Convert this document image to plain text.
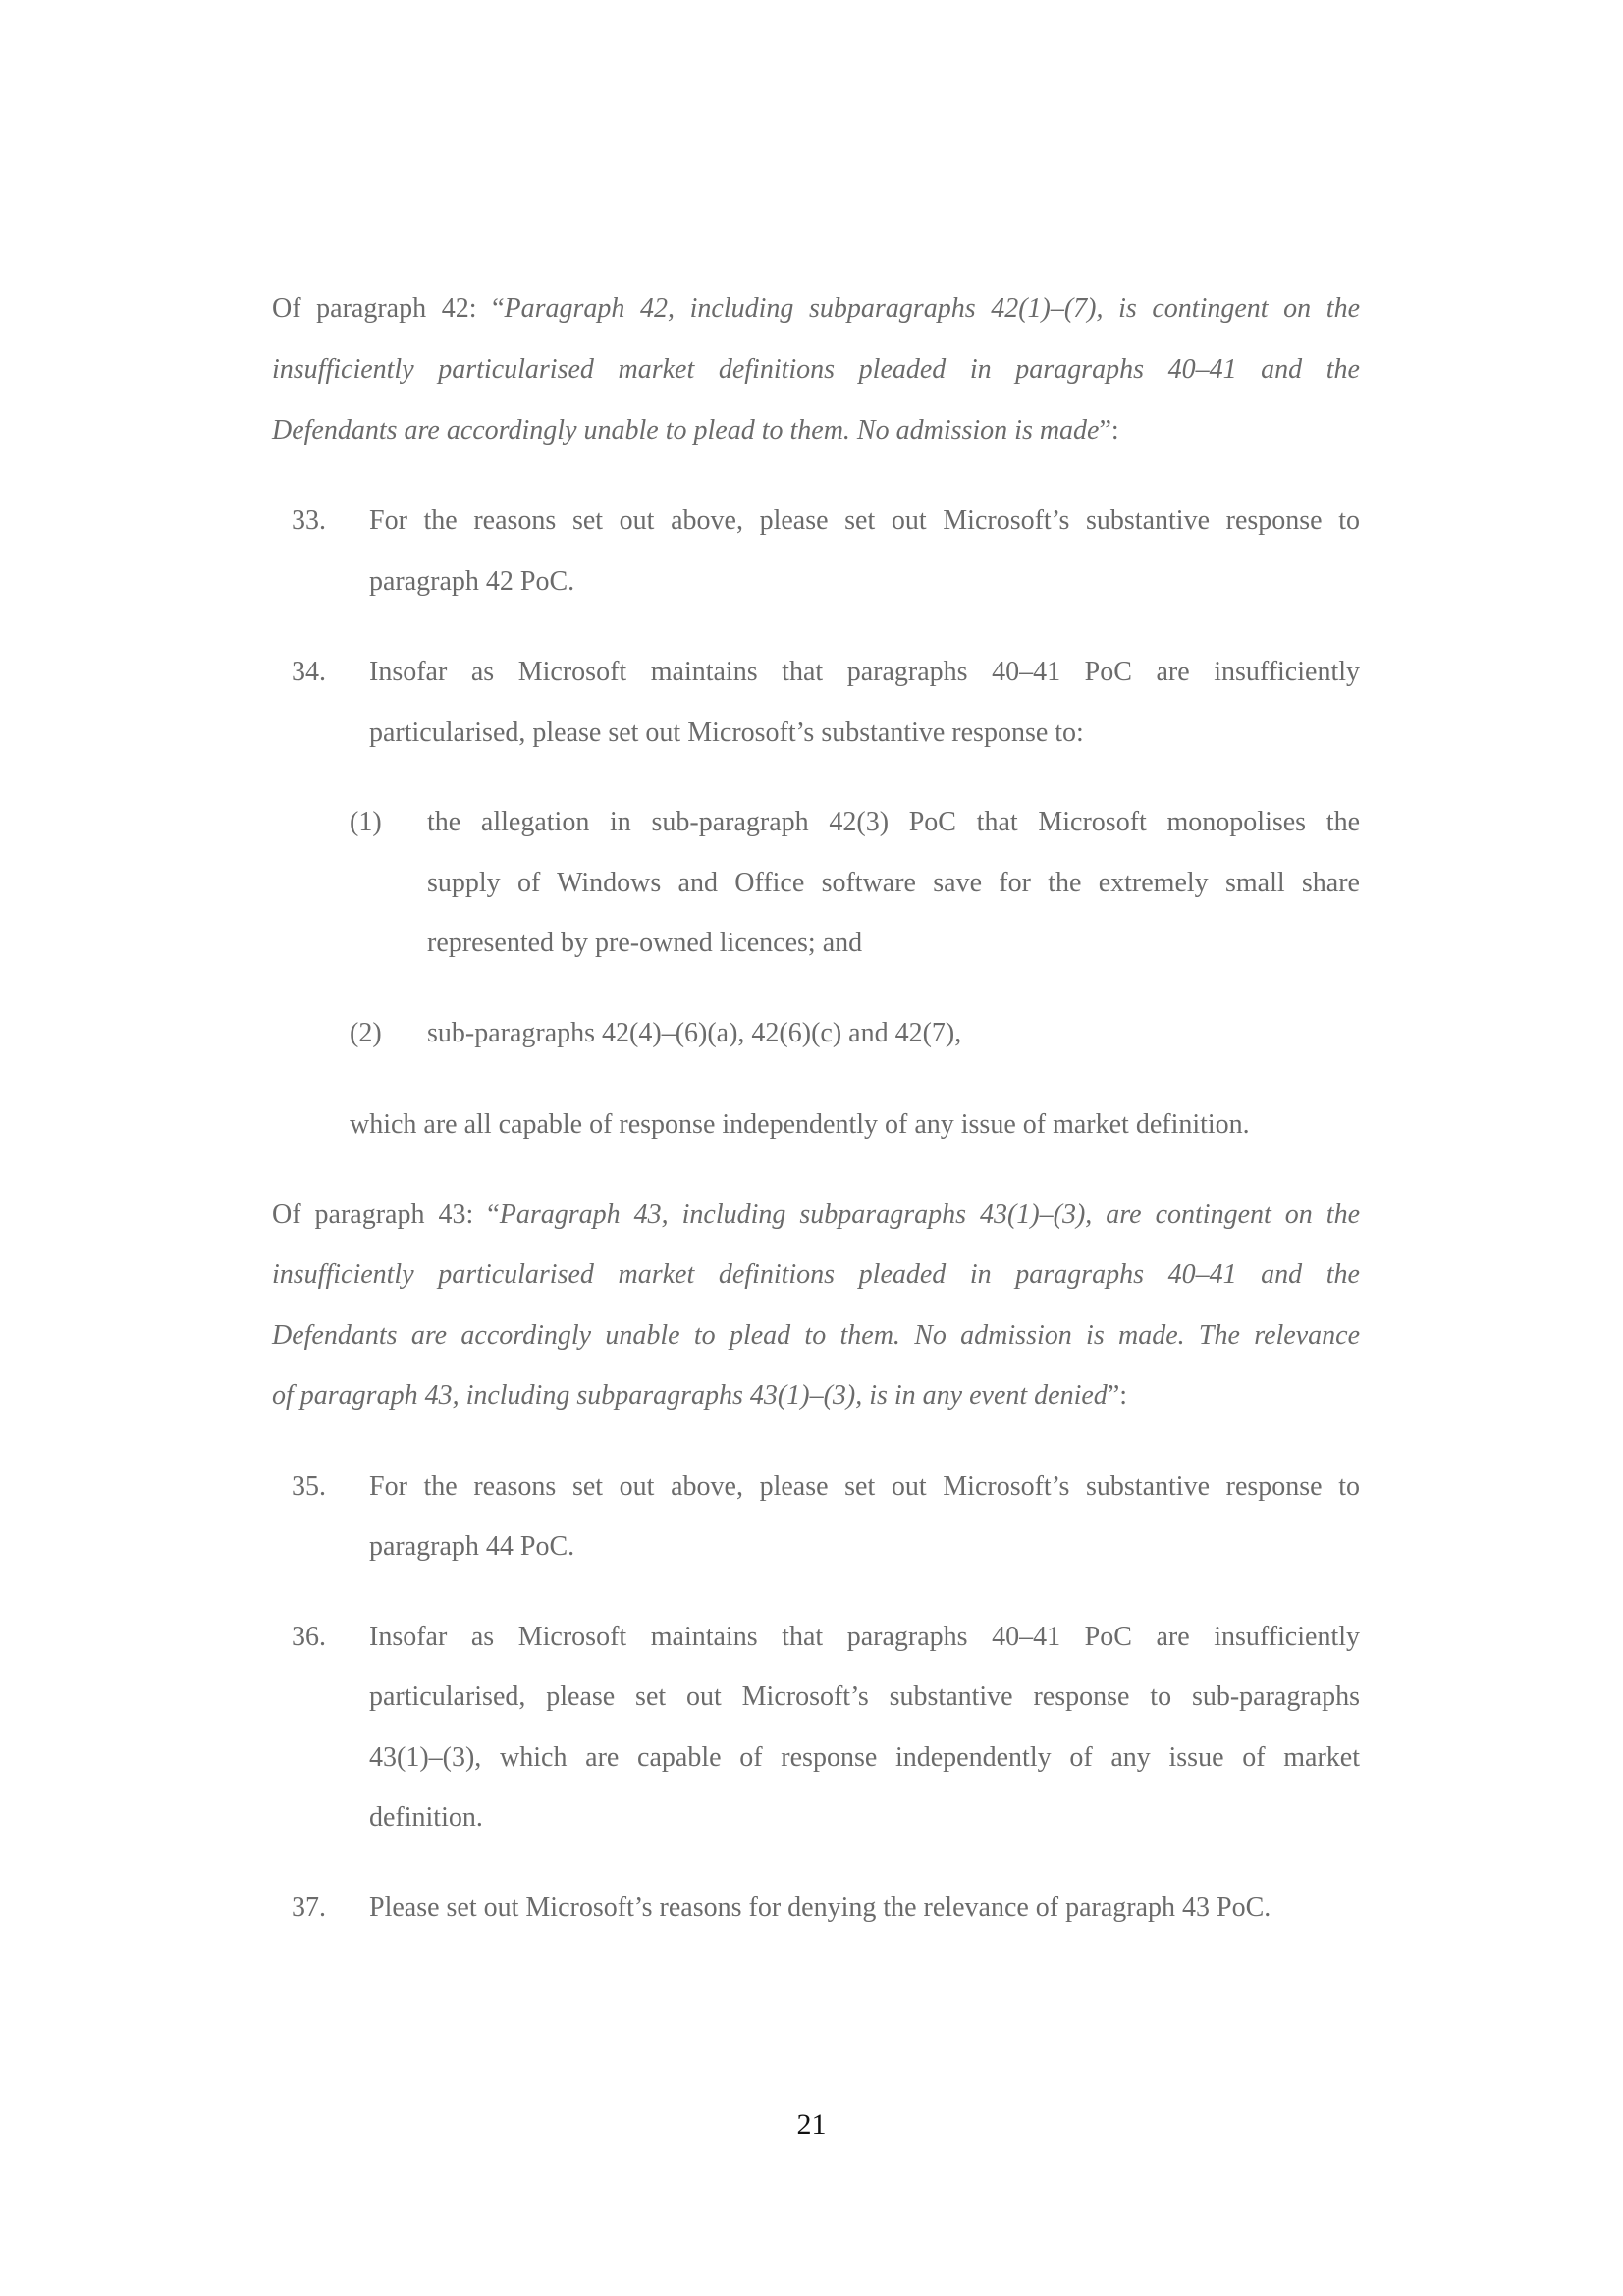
Of paragraph 42: “Paragraph 42, including subparagraphs 42(1)–(7), is contingent on the
insufficiently particularised market definitions pleaded in paragraphs 40–41 and the
Defendants are accordingly unable to plead to them. No admission is made”:
33. For the reasons set out above, please set out Microsoft’s substantive response to
paragraph 42 PoC.
34. Insofar as Microsoft maintains that paragraphs 40–41 PoC are insufficiently
particularised, please set out Microsoft’s substantive response to:
(1) the allegation in sub-paragraph 42(3) PoC that Microsoft monopolises the
supply of Windows and Office software save for the extremely small share
represented by pre-owned licences; and
(2) sub-paragraphs 42(4)–(6)(a), 42(6)(c) and 42(7),
which are all capable of response independently of any issue of market definition.
Of paragraph 43: “Paragraph 43, including subparagraphs 43(1)–(3), are contingent on the
insufficiently particularised market definitions pleaded in paragraphs 40–41 and the
Defendants are accordingly unable to plead to them. No admission is made. The relevance
of paragraph 43, including subparagraphs 43(1)–(3), is in any event denied”:
35. For the reasons set out above, please set out Microsoft’s substantive response to
paragraph 44 PoC.
36. Insofar as Microsoft maintains that paragraphs 40–41 PoC are insufficiently
particularised, please set out Microsoft’s substantive response to sub-paragraphs
43(1)–(3), which are capable of response independently of any issue of market
definition.
37. Please set out Microsoft’s reasons for denying the relevance of paragraph 43 PoC.
21
